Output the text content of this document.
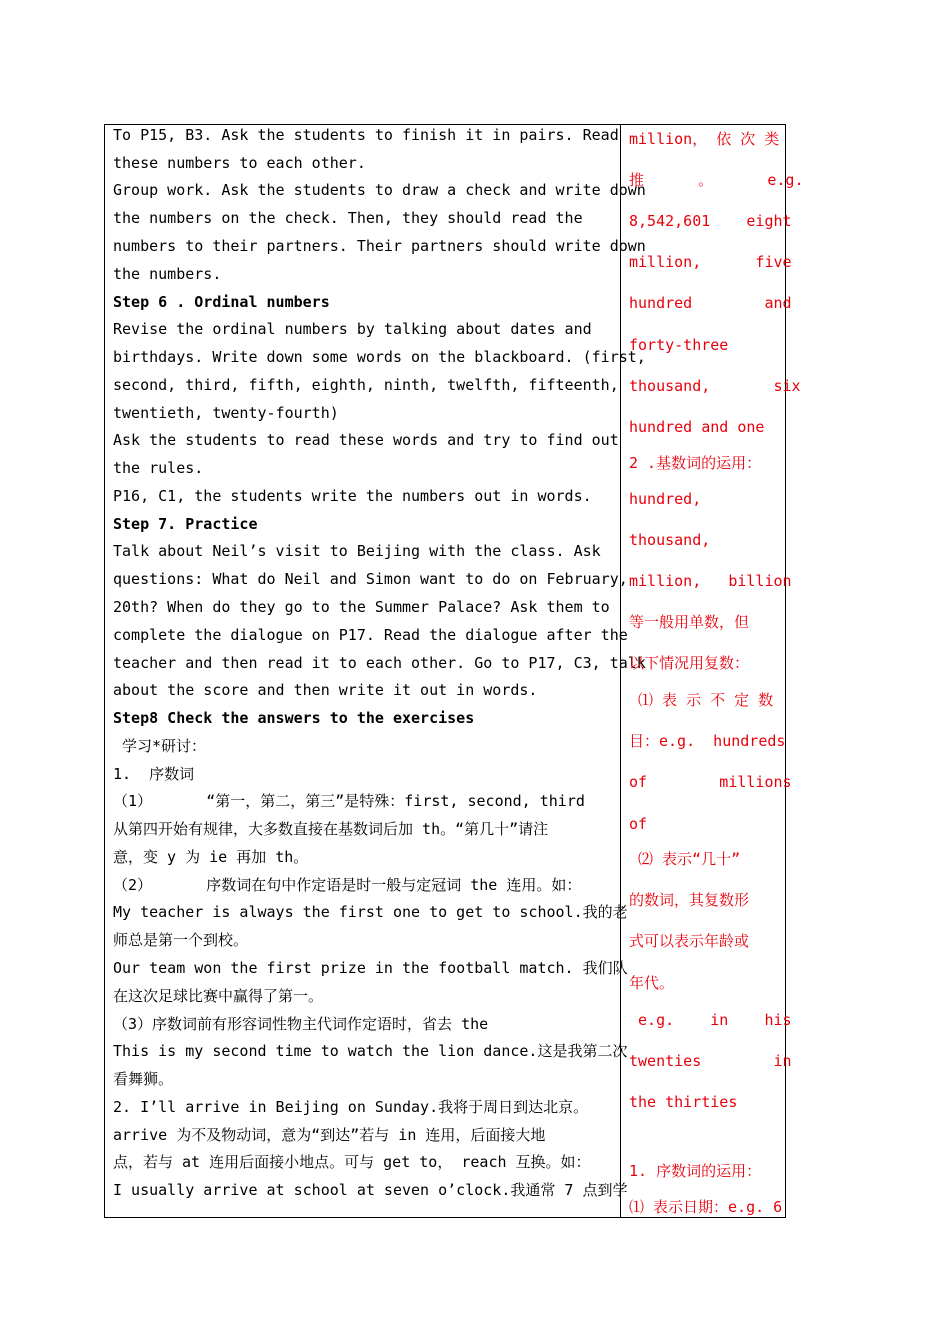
To P15, B3. Ask the students to finish it in pairs. Read
these numbers to each other.
Group work. Ask the students to draw a check and write down
the numbers on the check. Then, they should read the
numbers to their partners. Their partners should write down
the numbers.
Step 6 . Ordinal numbers
Revise the ordinal numbers by talking about dates and
birthdays. Write down some words on the blackboard. (first,
second, third, fifth, eighth, ninth, twelfth, fifteenth,
twentieth, twenty-fourth)
Ask the students to read these words and try to find out
the rules.
P16, C1, the students write the numbers out in words.
Step 7. Practice
Talk about Neil’s visit to Beijing with the class. Ask
questions: What do Neil and Simon want to do on February,
20th? When do they go to the Summer Palace? Ask them to
complete the dialogue on P17. Read the dialogue after the
teacher and then read it to each other. Go to P17, C3, talk
about the score and then write it out in words.
Step8 Check the answers to the exercises
学习*研讨：
1.  序数词
（1）      “第一，第二，第三”是特殊：first, second, third
从第四开始有规律，大多数直接在基数词后加 th。“第几十”请注
意，变 y 为 ie 再加 th。
（2）      序数词在句中作定语是时一般与定冠词 the 连用。如：
My teacher is always the first one to get to school.我的老
师总是第一个到校。
Our team won the first prize in the football match. 我们队
在这次足球比赛中赢得了第一。
（3）序数词前有形容词性物主代词作定语时，省去 the
This is my second time to watch the lion dance.这是我第二次
看舞狮。
2. I’ll arrive in Beijing on Sunday.我将于周日到达北京。
arrive 为不及物动词，意为“到达”若与 in 连用，后面接大地
点，若与 at 连用后面接小地点。可与 get to， reach 互换。如：
I usually arrive at school at seven o’clock.我通常 7 点到学
million， 依 次 类
推      。      e.g.
8,542,601    eight
million,      five
hundred        and
forty-three
thousand,       six
hundred and one
2 .基数词的运用：
hundred,
thousand,
million,   billion
等一般用单数，但
以下情况用复数：
⑴ 表 示 不 定 数
目：e.g.  hundreds
of        millions
of
⑵ 表示“几十”
的数词，其复数形
式可以表示年龄或
年代。
e.g.    in    his
twenties        in
the thirties
1. 序数词的运用：
⑴ 表示日期：e.g. 6
